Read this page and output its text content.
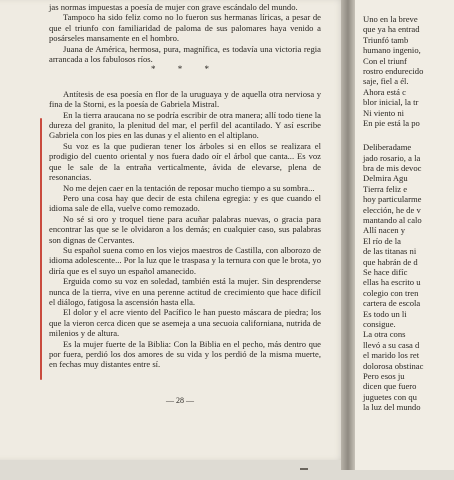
jas normas impuestas a poesía de mujer con grave escándalo del mundo.

Tampoco ha sido feliz como no lo fueron sus hermanas líricas, a pesar de que el triunfo con familiaridad de paloma de sus palomares haya venido a posárseles mansamente en el hombro.

Juana de América, hermosa, pura, magnífica, es todavía una victoria regia arrancada a los fabulosos ríos.

* * *

Antítesis de esa poesía en flor de la uruguaya y de aquella otra nerviosa y fina de la Storni, es la poesía de Gabriela Mistral.

En la tierra araucana no se podría escribir de otra manera; allí todo tiene la dureza del granito, la plenitud del mar, el perfil del acantilado. Y así escribe Gabriela con los pies en las dunas y el aliento en el altiplano.

Su voz es la que pudieran tener los árboles si en ellos se realizara el prodigio del cuento oriental y nos fuera dado oír el árbol que canta... Es voz que le sale de la entraña verticalmente, ávida de elevarse, plena de resonancias.

No me dejen caer en la tentación de reposar mucho tiempo a su sombra...

Pero una cosa hay que decir de esta chilena egregia: y es que cuando el idioma sale de ella, vuelve como remozado.

No sé si oro y troquel tiene para acuñar palabras nuevas, o gracia para encontrar las que se le olvidaron a los demás; en cualquier caso, sus palabras son dignas de Cervantes.

Su español suena como en los viejos maestros de Castilla, con alborozo de idioma adolescente... Por la luz que le traspasa y la ternura con que le brota, yo diría que es el suyo un español amanecido.

Erguida como su voz en soledad, también está la mujer. Sin desprenderse nunca de la tierra, vive en una perenne actitud de crecimiento que hace difícil el diálogo, fatigosa la ascensión hasta ella.

El dolor y el acre viento del Pacífico le han puesto máscara de piedra; los que la vieron cerca dicen que se asemeja a una secuoia californiana, nutrida de milenios y de altura.

Es la mujer fuerte de la Biblia: Con la Biblia en el pecho, más dentro que por fuera, perdió los dos amores de su vida y los perdió de la misma muerte, en fechas muy distantes entre sí.

— 28 —
Uno en la breve
que ya ha entrad
Triunfó tamb
humano ingenio,
Con el triunf
rostro endurecido
saje, fiel a él.
Ahora está c
blor inicial, la tr
Ni viento ni
En pie está la po
Deliberadame
jado rosario, a la
bra de mis devoc
Delmira Agu
Tierra feliz e
hoy particularme
elección, he de v
mantando al calo
Allí nacen y
El río de la
de las titanas ni
que habrán de d
Se hace difíc
ellas ha escrito u
colegio con tren
cartera de escola
Es todo un li
consigue.
La otra cons
llevó a su casa d
el marido los ret
dolorosa obstinac
Pero esos ju
dicen que fuero
juguetes con qu
la luz del mundo
